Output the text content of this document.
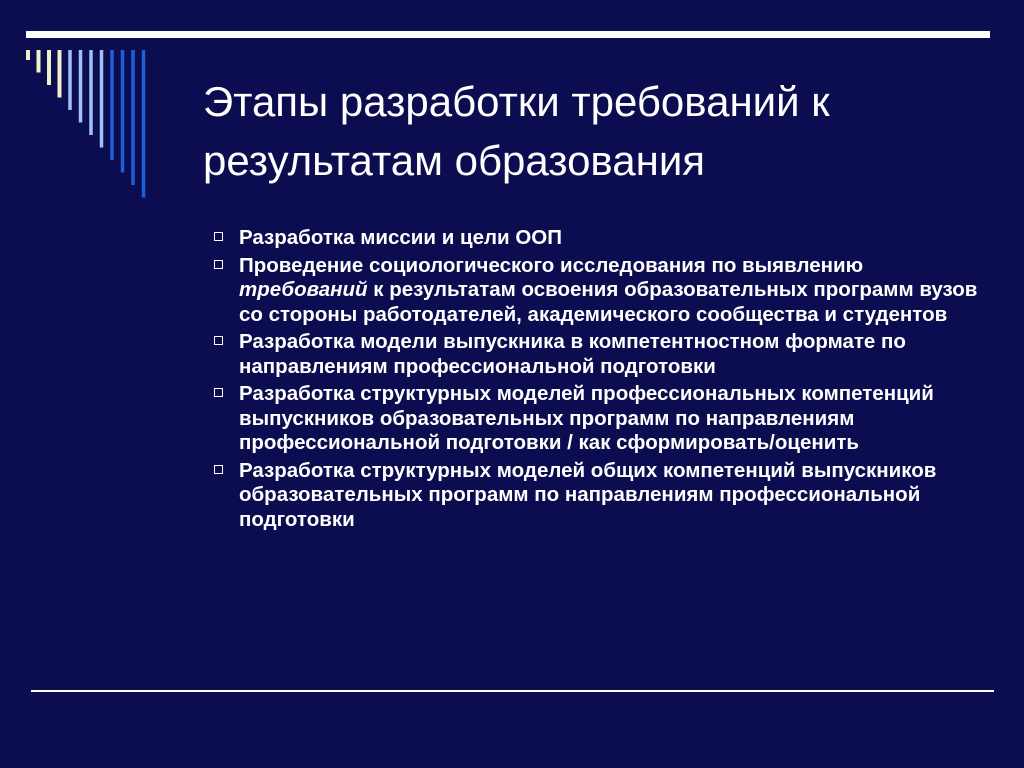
Этапы разработки требований к
результатам образования
Разработка миссии и цели ООП
Проведение социологического исследования по выявлению требований к результатам освоения образовательных программ вузов со стороны работодателей, академического сообщества и студентов
Разработка модели выпускника в компетентностном формате по направлениям профессиональной подготовки
Разработка структурных моделей профессиональных компетенций выпускников образовательных программ по направлениям профессиональной подготовки / как сформировать/оценить
Разработка структурных моделей общих компетенций выпускников образовательных программ по направлениям профессиональной подготовки
